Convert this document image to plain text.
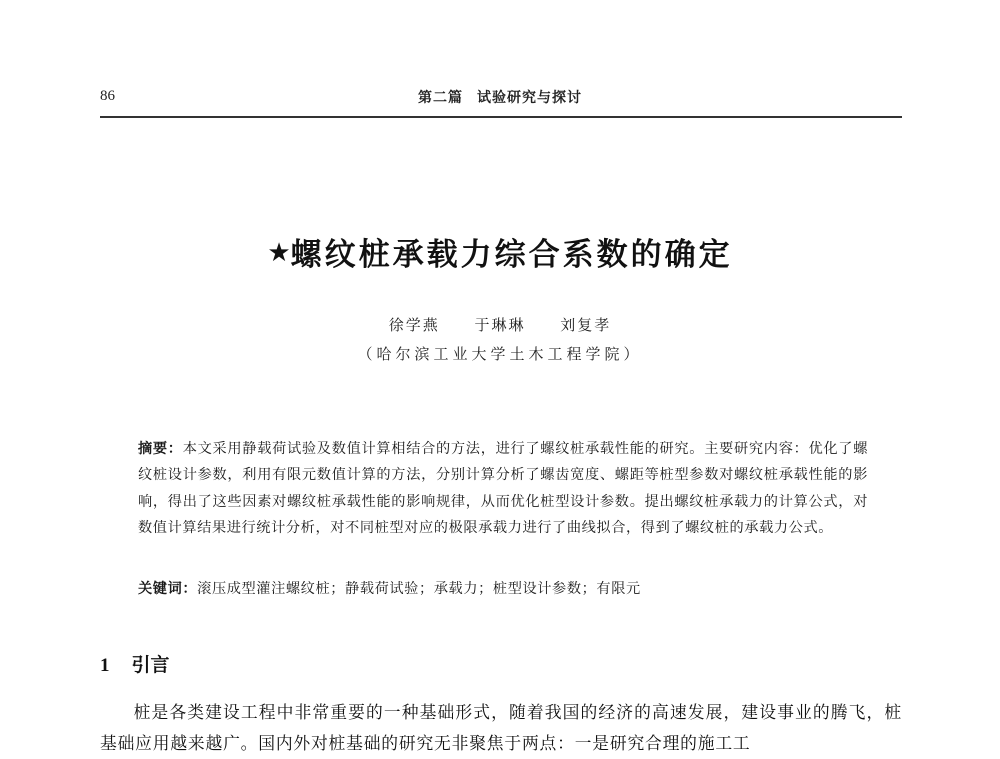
86	第二篇 试验研究与探讨
★螺纹桩承载力综合系数的确定
徐学燕 于琳琳 刘复孝
（哈尔滨工业大学土木工程学院）

摘要：本文采用静载荷试验及数值计算相结合的方法，进行了螺纹桩承载性能的研究。主要研究内容：优化了螺纹桩设计参数，利用有限元数值计算的方法，分别计算分析了螺齿宽度、螺距等桩型参数对螺纹桩承载性能的影响，得出了这些因素对螺纹桩承载性能的影响规律，从而优化桩型设计参数。提出螺纹桩承载力的计算公式，对数值计算结果进行统计分析，对不同桩型对应的极限承载力进行了曲线拟合，得到了螺纹桩的承载力公式。

关键词：滚压成型灌注螺纹桩；静载荷试验；承载力；桩型设计参数；有限元
1 引言

桩是各类建设工程中非常重要的一种基础形式，随着我国的经济的高速发展，建设事业的腾飞，桩基础应用越来越广。国内外对桩基础的研究无非聚焦于两点：一是研究合理的施工工
